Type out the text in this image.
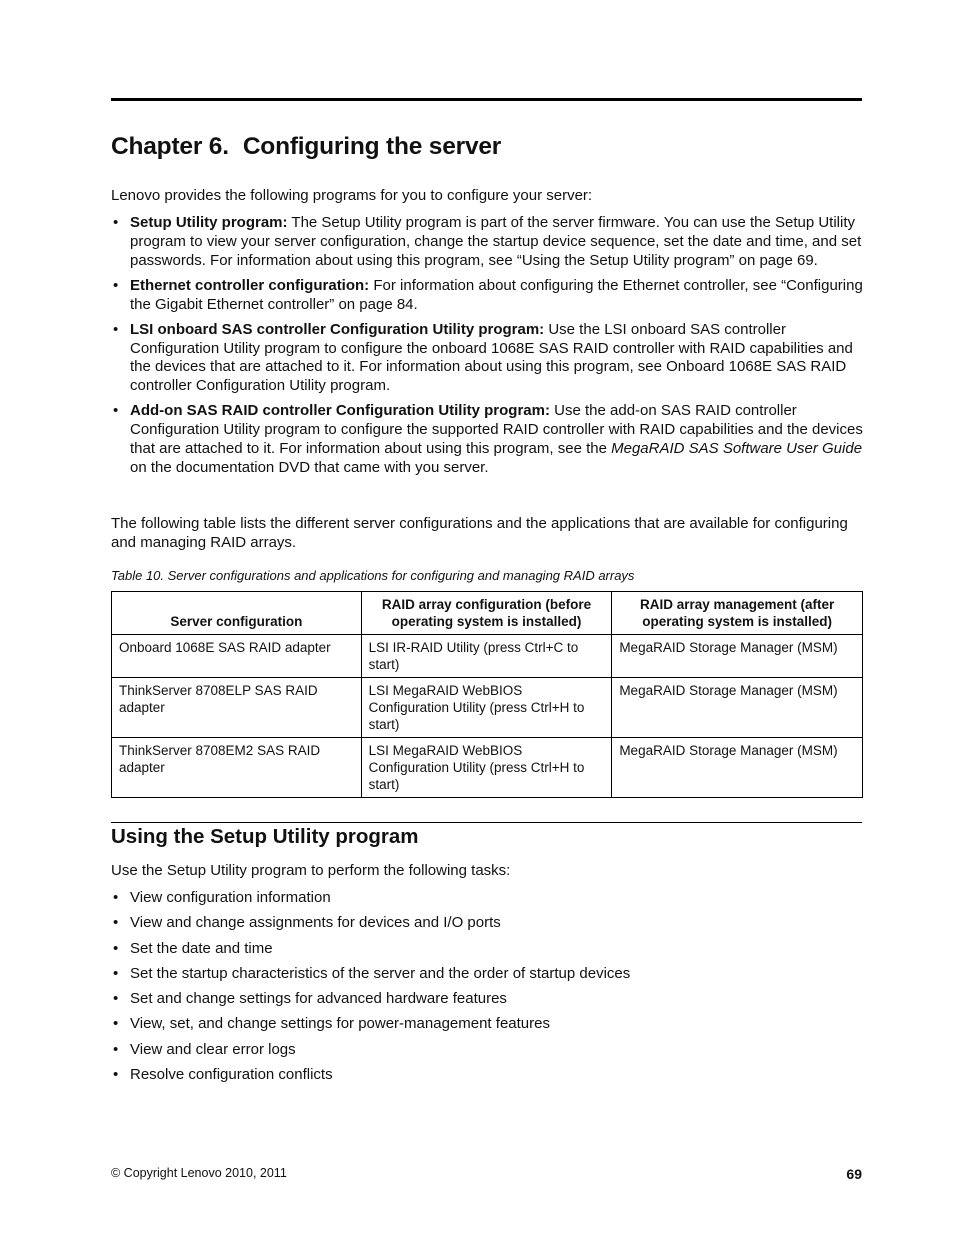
Chapter 6. Configuring the server

Lenovo provides the following programs for you to configure your server:

• Setup Utility program: The Setup Utility program is part of the server firmware. You can use the Setup Utility program to view your server configuration, change the startup device sequence, set the date and time, and set passwords. For information about using this program, see “Using the Setup Utility program” on page 69.
• Ethernet controller configuration: For information about configuring the Ethernet controller, see “Configuring the Gigabit Ethernet controller” on page 84.
• LSI onboard SAS controller Configuration Utility program: Use the LSI onboard SAS controller Configuration Utility program to configure the onboard 1068E SAS RAID controller with RAID capabilities and the devices that are attached to it. For information about using this program, see Onboard 1068E SAS RAID controller Configuration Utility program.
• Add-on SAS RAID controller Configuration Utility program: Use the add-on SAS RAID controller Configuration Utility program to configure the supported RAID controller with RAID capabilities and the devices that are attached to it. For information about using this program, see the MegaRAID SAS Software User Guide on the documentation DVD that came with you server.

The following table lists the different server configurations and the applications that are available for configuring and managing RAID arrays.

Table 10. Server configurations and applications for configuring and managing RAID arrays

Server configuration	RAID array configuration (before operating system is installed)	RAID array management (after operating system is installed)
Onboard 1068E SAS RAID adapter	LSI IR-RAID Utility (press Ctrl+C to start)	MegaRAID Storage Manager (MSM)
ThinkServer 8708ELP SAS RAID adapter	LSI MegaRAID WebBIOS Configuration Utility (press Ctrl+H to start)	MegaRAID Storage Manager (MSM)
ThinkServer 8708EM2 SAS RAID adapter	LSI MegaRAID WebBIOS Configuration Utility (press Ctrl+H to start)	MegaRAID Storage Manager (MSM)
Using the Setup Utility program

Use the Setup Utility program to perform the following tasks:

• View configuration information
• View and change assignments for devices and I/O ports
• Set the date and time
• Set the startup characteristics of the server and the order of startup devices
• Set and change settings for advanced hardware features
• View, set, and change settings for power-management features
• View and clear error logs
• Resolve configuration conflicts
© Copyright Lenovo 2010, 2011	69
